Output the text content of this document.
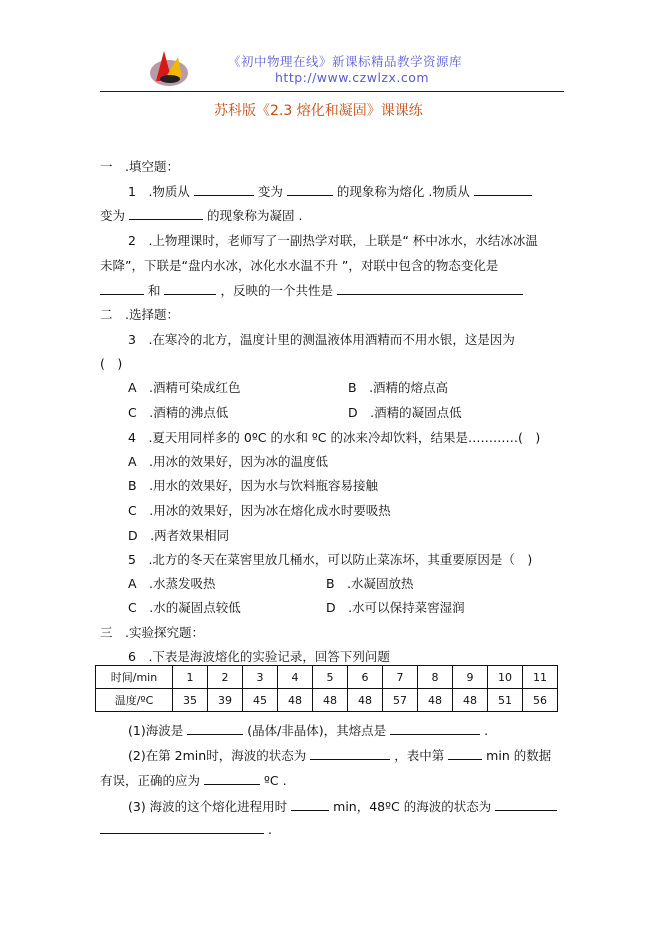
《初中物理在线》新课标精品教学资源库
http://www.czwlzx.com
苏科版《2.3 熔化和凝固》课课练
一　.填空题：
1　.物质从	变为	的现象称为熔化 .物质从
变为	的现象称为凝固 .
2　.上物理课时，老师写了一副热学对联，上联是“ 杯中冰水，水结冰冰温
未降”，下联是“盘内水冰，冰化水水温不升 ”，对联中包含的物态变化是
和	，反映的一个共性是
二　.选择题：
3　.在寒冷的北方，温度计里的测温液体用酒精而不用水银，这是因为
(　)
A　.酒精可染成红色	B　.酒精的熔点高
C　.酒精的沸点低	D　.酒精的凝固点低
4　.夏天用同样多的 0ºC 的水和 ºC 的冰来冷却饮料，结果是…………(　)
A　.用冰的效果好，因为冰的温度低
B　.用水的效果好，因为水与饮料瓶容易接触
C　.用冰的效果好，因为冰在熔化成水时要吸热
D　.两者效果相同
5　.北方的冬天在菜窖里放几桶水，可以防止菜冻坏，其重要原因是（　)
A　.水蒸发吸热	B　.水凝固放热
C　.水的凝固点较低	D　.水可以保持菜窖湿润
三　.实验探究题：
6　.下表是海波熔化的实验记录，回答下列问题
时间/min	1	2	3	4	5	6	7	8	9	10	11
温度/ºC	35	39	45	48	48	48	57	48	48	51	56
(1)海波是	(晶体/非晶体)，其熔点是	.
(2)在第 2min时，海波的状态为	，表中第	min 的数据
有误，正确的应为	ºC .
(3) 海波的这个熔化进程用时	min，48ºC 的海波的状态为
.
